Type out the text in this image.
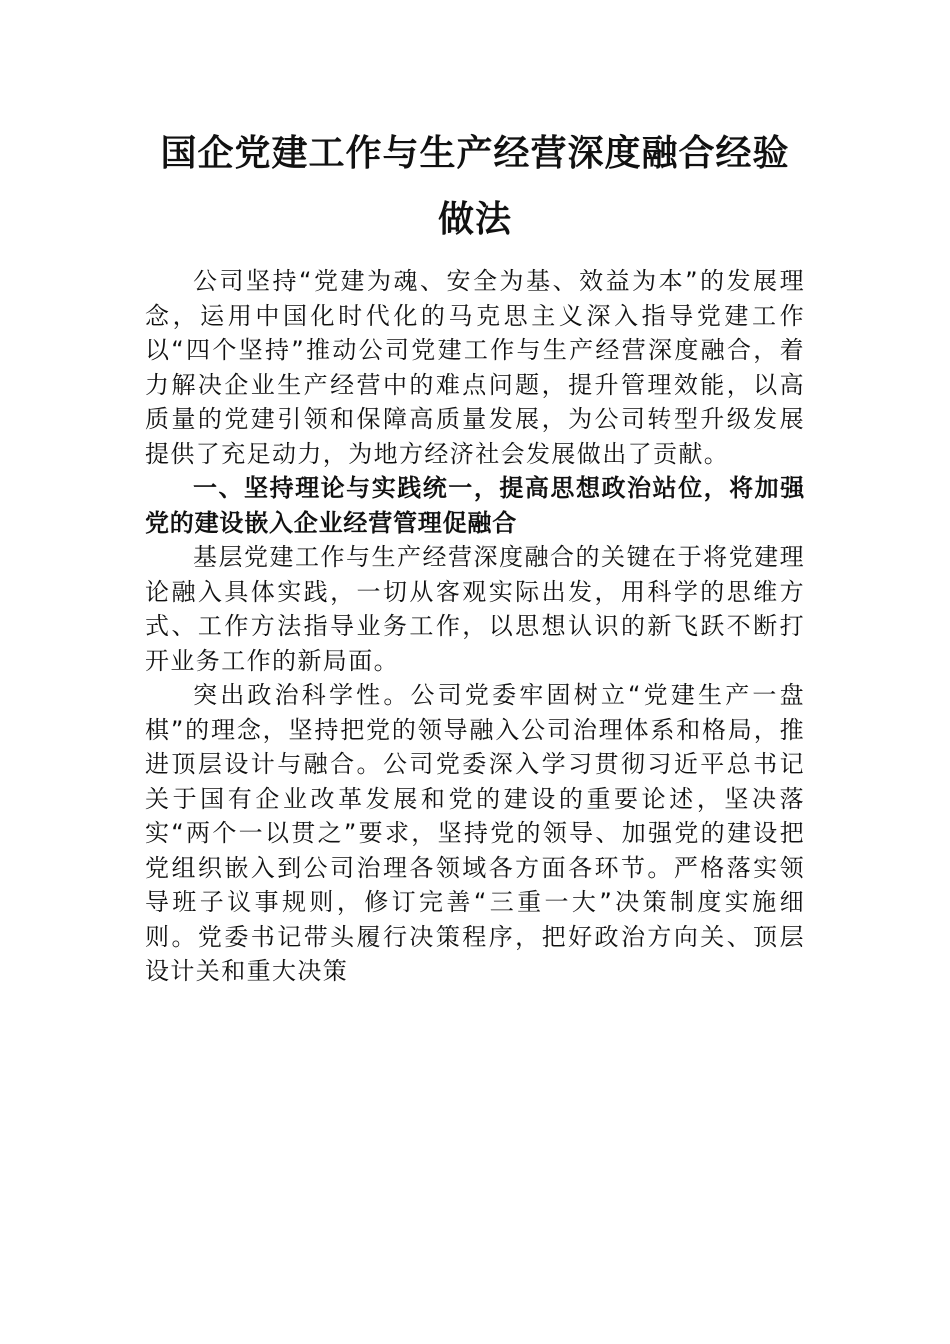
国企党建工作与生产经营深度融合经验做法

公司坚持“党建为魂、安全为基、效益为本”的发展理念，运用中国化时代化的马克思主义深入指导党建工作以“四个坚持”推动公司党建工作与生产经营深度融合，着力解决企业生产经营中的难点问题，提升管理效能，以高质量的党建引领和保障高质量发展，为公司转型升级发展提供了充足动力，为地方经济社会发展做出了贡献。

一、坚持理论与实践统一，提高思想政治站位，将加强党的建设嵌入企业经营管理促融合

基层党建工作与生产经营深度融合的关键在于将党建理论融入具体实践，一切从客观实际出发，用科学的思维方式、工作方法指导业务工作，以思想认识的新飞跃不断打开业务工作的新局面。

突出政治科学性。公司党委牢固树立“党建生产一盘棋”的理念，坚持把党的领导融入公司治理体系和格局，推进顶层设计与融合。公司党委深入学习贯彻习近平总书记关于国有企业改革发展和党的建设的重要论述，坚决落实“两个一以贯之”要求，坚持党的领导、加强党的建设把党组织嵌入到公司治理各领域各方面各环节。严格落实领导班子议事规则，修订完善“三重一大”决策制度实施细则。党委书记带头履行决策程序，把好政治方向关、顶层设计关和重大决策
